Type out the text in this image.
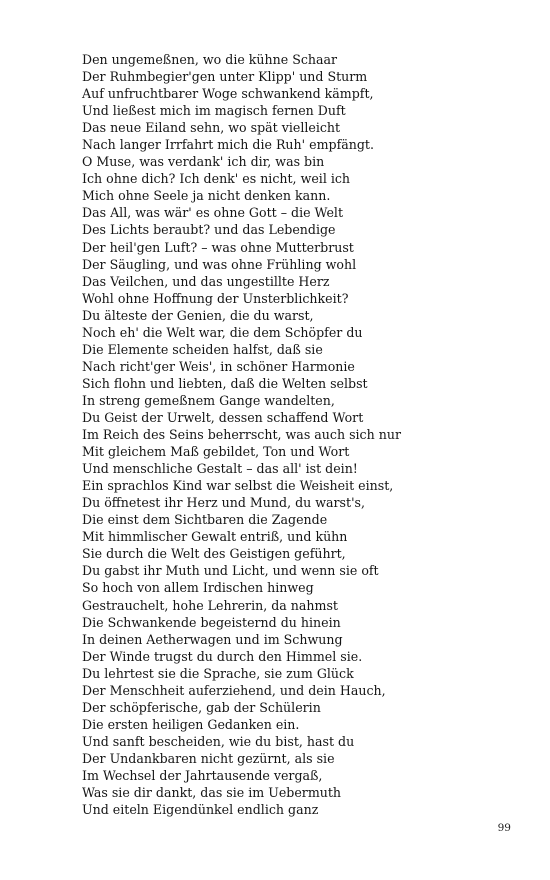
Den ungemeßnen, wo die kühne Schaar
Der Ruhmbegier'gen unter Klipp' und Sturm
Auf unfruchtbarer Woge schwankend kämpft,
Und ließest mich im magisch fernen Duft
Das neue Eiland sehn, wo spät vielleicht
Nach langer Irrfahrt mich die Ruh' empfängt.
O Muse, was verdank' ich dir, was bin
Ich ohne dich? Ich denk' es nicht, weil ich
Mich ohne Seele ja nicht denken kann.
Das All, was wär' es ohne Gott – die Welt
Des Lichts beraubt? und das Lebendige
Der heil'gen Luft? – was ohne Mutterbrust
Der Säugling, und was ohne Frühling wohl
Das Veilchen, und das ungestillte Herz
Wohl ohne Hoffnung der Unsterblichkeit?
Du älteste der Genien, die du warst,
Noch eh' die Welt war, die dem Schöpfer du
Die Elemente scheiden halfst, daß sie
Nach richt'ger Weis', in schöner Harmonie
Sich flohn und liebten, daß die Welten selbst
In streng gemeßnem Gange wandelten,
Du Geist der Urwelt, dessen schaffend Wort
Im Reich des Seins beherrscht, was auch sich nur
Mit gleichem Maß gebildet, Ton und Wort
Und menschliche Gestalt – das all' ist dein!
Ein sprachlos Kind war selbst die Weisheit einst,
Du öffnetest ihr Herz und Mund, du warst's,
Die einst dem Sichtbaren die Zagende
Mit himmlischer Gewalt entriß, und kühn
Sie durch die Welt des Geistigen geführt,
Du gabst ihr Muth und Licht, und wenn sie oft
So hoch von allem Irdischen hinweg
Gestrauchelt, hohe Lehrerin, da nahmst
Die Schwankende begeisternd du hinein
In deinen Aetherwagen und im Schwung
Der Winde trugst du durch den Himmel sie.
Du lehrtest sie die Sprache, sie zum Glück
Der Menschheit auferziehend, und dein Hauch,
Der schöpferische, gab der Schülerin
Die ersten heiligen Gedanken ein.
Und sanft bescheiden, wie du bist, hast du
Der Undankbaren nicht gezürnt, als sie
Im Wechsel der Jahrtausende vergaß,
Was sie dir dankt, das sie im Uebermuth
Und eiteln Eigendünkel endlich ganz
99
